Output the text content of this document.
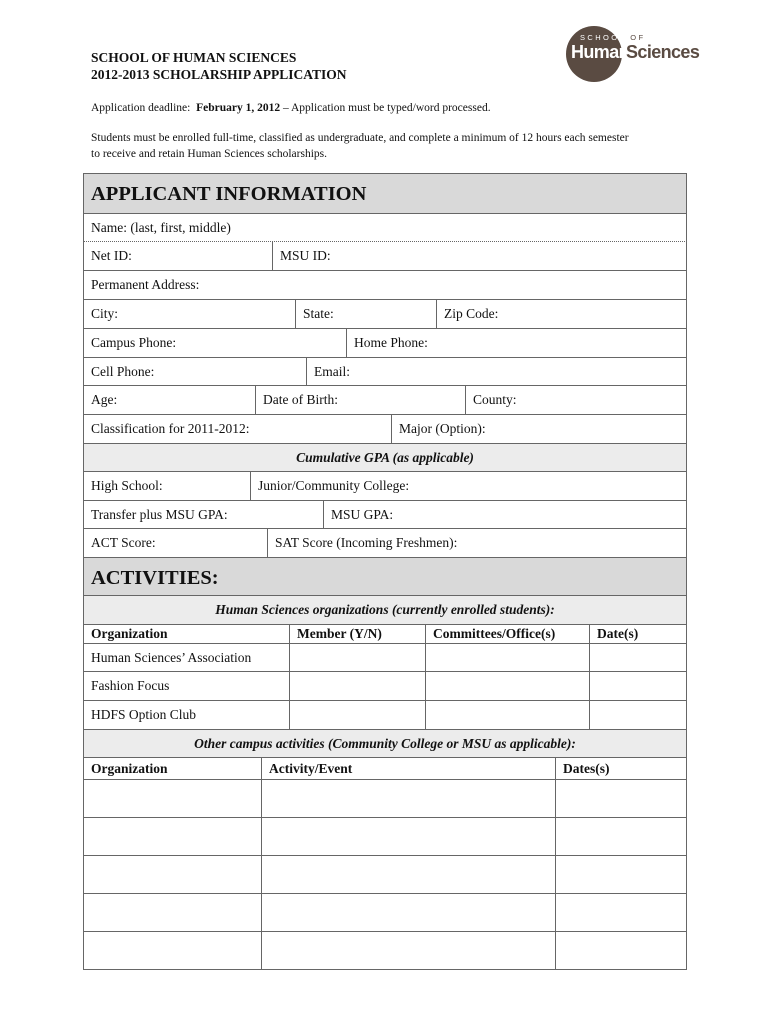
SCHOOL OF HUMAN SCIENCES
2012-2013 SCHOLARSHIP APPLICATION
SCHOOL OF
Human
Sciences
Application deadline: February 1, 2012 – Application must be typed/word processed.
Students must be enrolled full-time, classified as undergraduate, and complete a minimum of 12 hours each semester
to receive and retain Human Sciences scholarships.
APPLICANT INFORMATION
Name: (last, first, middle)
Net ID:	MSU ID:
Permanent Address:
City:	State:	Zip Code:
Campus Phone:	Home Phone:
Cell Phone:	Email:
Age:	Date of Birth:	County:
Classification for 2011-2012:	Major (Option):
Cumulative GPA (as applicable)
High School:	Junior/Community College:
Transfer plus MSU GPA:	MSU GPA:
ACT Score:	SAT Score (Incoming Freshmen):
ACTIVITIES:
Human Sciences organizations (currently enrolled students):
Organization	Member (Y/N)	Committees/Office(s)	Date(s)
Human Sciences’ Association
Fashion Focus
HDFS Option Club
Other campus activities (Community College or MSU as applicable):
Organization	Activity/Event	Dates(s)
